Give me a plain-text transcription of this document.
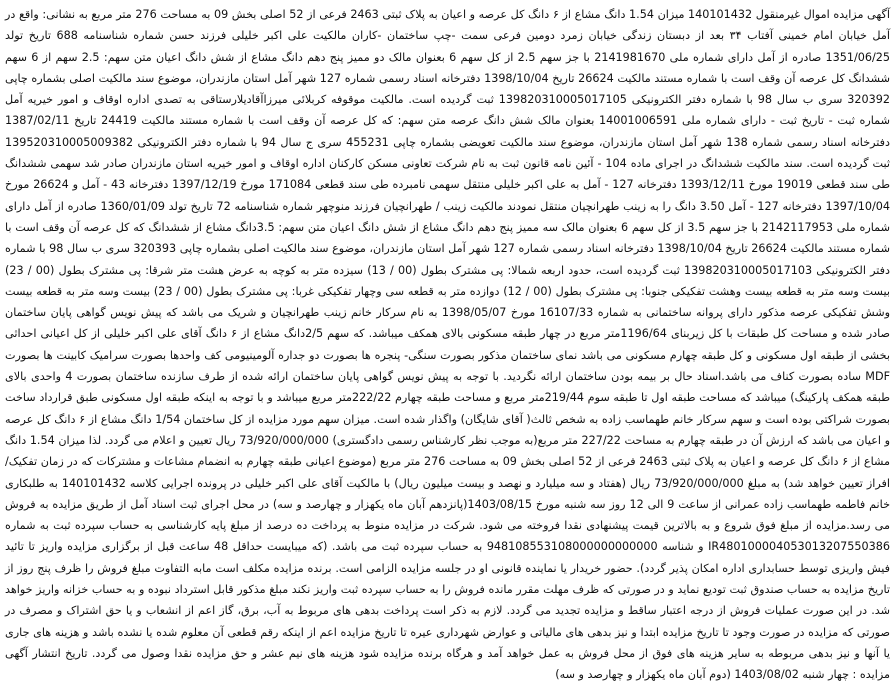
آگهی مزایده اموال غیرمنقول 140101432 میزان 1.54 دانگ مشاع از ۶ دانگ کل عرصه و اعیان به پلاک ثبتی 2463 فرعی از 52 اصلی بخش 09 به مساحت 276 متر مربع به نشانی: واقع در آمل خیابان امام خمینی آفتاب ۳۴ بعد از دبستان زندگی خیابان زمرد دومین فرعی سمت -چپ ساختمان -کاران مالکیت علی اکبر خلیلی فرزند حسن شماره شناسنامه 688 تاریخ تولد 1351/06/25 صادره از آمل دارای شماره ملی 2141981670 با جز سهم 2.5 از کل سهم 6 بعنوان مالک دو ممیز پنج دهم دانگ مشاع از شش دانگ اعیان متن سهم: 2.5 سهم از 6 سهم ششدانگ کل عرصه آن وقف است با شماره مستند مالکیت 26624 تاریخ 1398/10/04 دفترخانه اسناد رسمی شماره 127 شهر آمل استان مازندران، موضوع سند مالکیت اصلی بشماره چاپی 320392 سری ب سال 98 با شماره دفتر الکترونیکی 139820310005017105 ثبت گردیده است. مالکیت موقوفه کربلائی میرزاآقادیلارستاقی به تصدی اداره اوقاف و امور خیریه آمل شماره ثبت - تاریخ ثبت - دارای شماره ملی 14001006591 بعنوان مالک شش دانگ عرصه متن سهم: که کل عرصه آن وقف است با شماره مستند مالکیت 24419 تاریخ 1387/02/11 دفترخانه اسناد رسمی شماره 138 شهر آمل استان مازندران، موضوع سند مالکیت تعویضی بشماره چاپی 455231 سری ج سال 94 با شماره دفتر الکترونیکی 139520310005009382 ثبت گردیده است. سند مالکیت ششدانگ در اجرای ماده 104 - آئین نامه قانون ثبت به نام شرکت تعاونی مسکن کارکنان اداره اوقاف و امور خیریه استان مازندران صادر شد سهمی ششدانگ طی سند قطعی 19019 مورخ 1393/12/11 دفترخانه 127 - آمل به علی اکبر خلیلی منتقل سهمی نامبرده طی سند قطعی 171084 مورخ 1397/12/19 دفترخانه 43 - آمل و 26624 مورخ 1397/10/04 دفترخانه 127 - آمل 3.50 دانگ را به زینب طهرانچیان منتقل نمودند مالکیت زینب / طهرانچیان فرزند منوچهر شماره شناسنامه 72 تاریخ تولد 1360/01/09 صادره از آمل دارای شماره ملی 2142117953 با جز سهم 3.5 از کل سهم 6 بعنوان مالک سه ممیز پنج دهم دانگ مشاع از شش دانگ اعیان متن سهم: 3.5دانگ مشاع از ششدانگ که کل عرصه آن وقف است با شماره مستند مالکیت 26624 تاریخ 1398/10/04 دفترخانه اسناد رسمی شماره 127 شهر آمل استان مازندران، موضوع سند مالکیت اصلی بشماره چاپی 320393 سری ب سال 98 با شماره دفتر الکترونیکی 139820310005017103 ثبت گردیده است، حدود اربعه شمالا: پی مشترک بطول (00 / 13) سیزده متر به کوچه به عرض هشت متر شرقا: پی مشترک بطول (00 / 23) بیست وسه متر به قطعه بیست وهشت تفکیکی جنوبا: پی مشترک بطول (00 / 12) دوازده متر به قطعه سی وچهار تفکیکی غربا: پی مشترک بطول (00 / 23) بیست وسه متر به قطعه بیست وشش تفکیکی عرصه مذکور دارای پروانه ساختمانی به شماره 16107/33 مورخ 1398/05/07 به نام سرکار خانم زینب طهرانچیان و شریک می باشد که پیش نویس گواهی پایان ساختمان صادر شده و مساحت کل طبقات با کل زیربنای 1196/64متر مربع در چهار طبقه مسکونی بالای همکف میباشد. که سهم 2/5دانگ مشاع از ۶ دانگ آقای علی اکبر خلیلی از کل اعیانی احداثی بخشی از طبقه اول مسکونی و کل طبقه چهارم مسکونی می باشد نمای ساختمان مذکور بصورت سنگی- پنجره ها بصورت دو جداره آلومینیومی کف واحدها بصورت سرامیک کابینت ها بصورت MDF ساده بصورت کناف می باشد.اسناد حال بر بیمه بودن ساختمان ارائه نگردید. با توجه به پیش نویس گواهی پایان ساختمان ارائه شده از طرف سازنده ساختمان بصورت 4 واحدی بالای طبقه همکف پارکینگ) میباشد که مساحت طبقه اول تا طبقه سوم 219/44متر مربع و مساحت طبقه چهارم 222/22متر مربع میباشد و با توجه به اینکه طبقه اول مسکونی طبق قرارداد ساخت بصورت شراکتی بوده است و سهم سرکار خانم طهماسب زاده به شخص ثالث( آقای شایگان) واگذار شده است. میزان سهم مورد مزایده از کل ساختمان 1/54 دانگ مشاع از ۶ دانگ کل عرصه و اعیان می باشد که ارزش آن در طبقه چهارم به مساحت 227/22 متر مربع(به موجب نظر کارشناس رسمی دادگستری) 73/920/000/000 ریال تعیین و اعلام می گردد. لذا میزان 1.54 دانگ مشاع از ۶ دانگ کل عرصه و اعیان به پلاک ثبتی 2463 فرعی از 52 اصلی بخش 09 به مساحت 276 متر مربع (موضوع اعیانی طبقه چهارم به انضمام مشاعات و مشترکات که در زمان تفکیک/افراز تعیین خواهد شد) به مبلغ 73/920/000/000 ریال (هفتاد و سه میلیارد و نهصد و بیست میلیون ریال) با مالکیت آقای علی اکبر خلیلی در پرونده اجرایی کلاسه 140101432 به طلبکاری خانم فاطمه طهماسب زاده عمرانی از ساعت 9 الی 12 روز سه شنبه مورخ 1403/08/15(پانزدهم آبان ماه یکهزار و چهارصد و سه) در محل اجرای ثبت اسناد آمل از طریق مزایده به فروش می رسد.مزایده از مبلغ فوق شروع و به بالاترین قیمت پیشنهادی نقدا فروخته می شود. شرکت در مزایده منوط به پرداخت ده درصد از مبلغ پایه کارشناسی به حساب سپرده ثبت به شماره IR480100004053013207550386 و شناسه 948108553108000000000000 به حساب سپرده ثبت می باشد. (که میبایست حداقل 48 ساعت قبل از برگزاری مزایده واریز تا تائید فیش واریزی توسط حسابداری اداره امکان پذیر گردد). حضور خریدار یا نماینده قانونی او در جلسه مزایده الزامی است. برنده مزایده مکلف است مابه التفاوت مبلغ فروش را ظرف پنج روز از تاریخ مزایده به حساب صندوق ثبت تودیع نماید و در صورتی که ظرف مهلت مقرر مانده فروش را به حساب سپرده ثبت واریز نکند مبلغ مذکور قابل استرداد نبوده و به حساب خزانه واریز خواهد شد. در این صورت عملیات فروش از درجه اعتبار ساقط و مزایده تجدید می گردد. لازم به ذکر است پرداخت بدهی های مربوط به آب، برق، گاز اعم از انشعاب و یا حق اشتراک و مصرف در صورتی که مزایده در صورت وجود تا تاریخ مزایده ابتدا و نیز بدهی های مالیاتی و عوارض شهرداری عیره تا تاریخ مزایده اعم از اینکه رقم قطعی آن معلوم شده یا نشده باشد و هزینه های جاری یا آنها و نیز بدهی مربوطه به سایر هزینه های فوق از محل فروش به عمل خواهد آمد و هرگاه برنده مزایده شود هزینه های نیم عشر و حق مزایده نقدا وصول می گردد. تاریخ انتشار آگهی مزایده : چهار شنبه 1403/08/02 (دوم آبان ماه یکهزار و چهارصد و سه)
